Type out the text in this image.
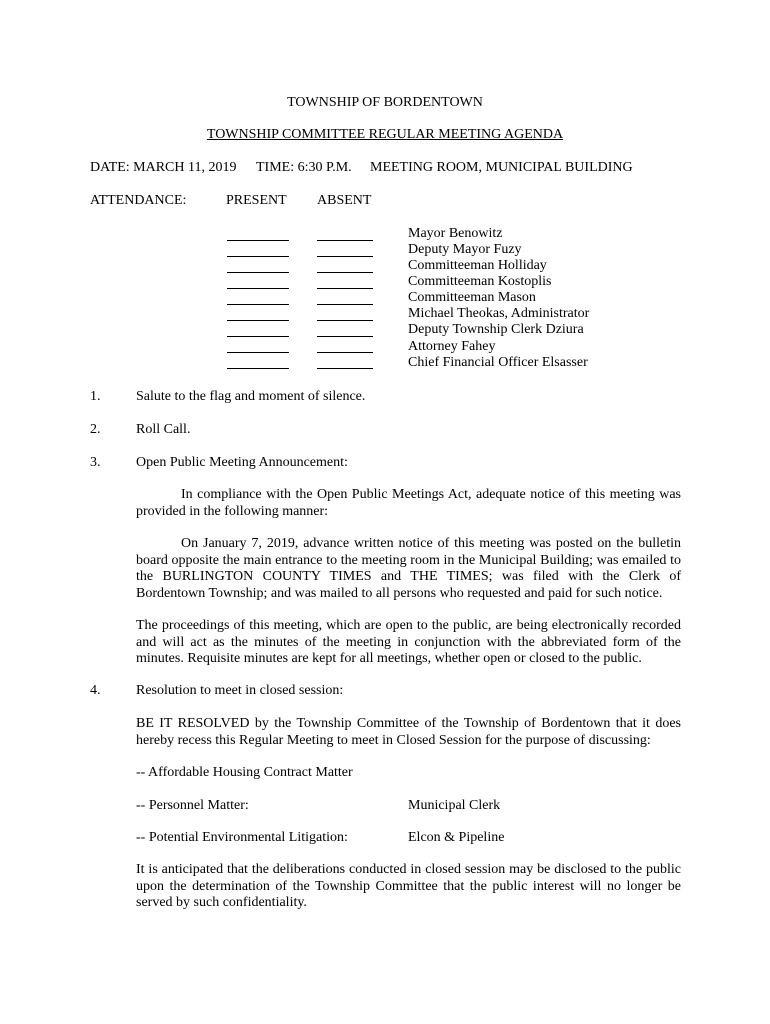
TOWNSHIP OF BORDENTOWN
TOWNSHIP COMMITTEE REGULAR MEETING AGENDA
DATE: MARCH 11, 2019 TIME: 6:30 P.M. MEETING ROOM, MUNICIPAL BUILDING
ATTENDANCE:	PRESENT ABSENT
Mayor Benowitz
Deputy Mayor Fuzy
Committeeman Holliday
Committeeman Kostoplis
Committeeman Mason
Michael Theokas, Administrator
Deputy Township Clerk Dziura
Attorney Fahey
Chief Financial Officer Elsasser
1.	Salute to the flag and moment of silence.
2.	Roll Call.
3.	Open Public Meeting Announcement:
In compliance with the Open Public Meetings Act, adequate notice of this meeting was provided in the following manner:
On January 7, 2019, advance written notice of this meeting was posted on the bulletin board opposite the main entrance to the meeting room in the Municipal Building; was emailed to the BURLINGTON COUNTY TIMES and THE TIMES; was filed with the Clerk of Bordentown Township; and was mailed to all persons who requested and paid for such notice.
The proceedings of this meeting, which are open to the public, are being electronically recorded and will act as the minutes of the meeting in conjunction with the abbreviated form of the minutes. Requisite minutes are kept for all meetings, whether open or closed to the public.
4.	Resolution to meet in closed session:
BE IT RESOLVED by the Township Committee of the Township of Bordentown that it does hereby recess this Regular Meeting to meet in Closed Session for the purpose of discussing:
-- Affordable Housing Contract Matter
-- Personnel Matter:	Municipal Clerk
-- Potential Environmental Litigation:	Elcon & Pipeline
It is anticipated that the deliberations conducted in closed session may be disclosed to the public upon the determination of the Township Committee that the public interest will no longer be served by such confidentiality.
